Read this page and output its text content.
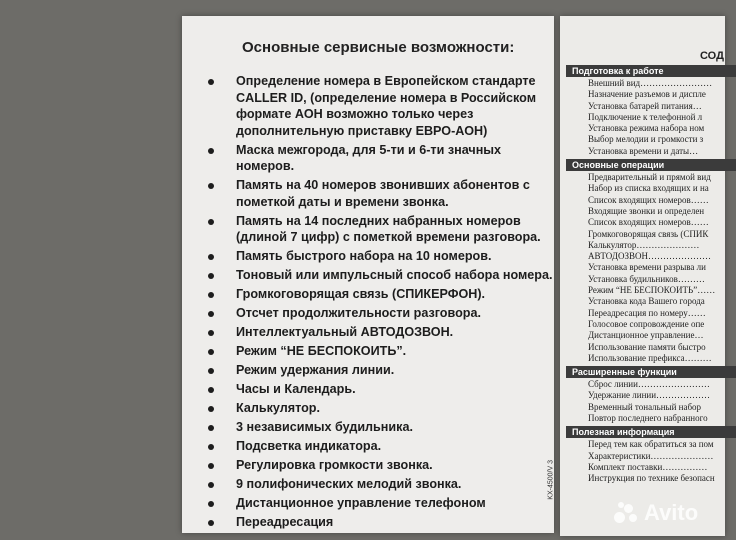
Основные сервисные возможности:
Определение номера в Европейском стандарте
CALLER ID, (определение номера в Российском
формате АОН возможно только через
дополнительную приставку ЕВРО-АОН)
Маска межгорода, для 5-ти и 6-ти значных
номеров.
Память на 40 номеров звонивших абонентов с
пометкой даты и времени звонка.
Память на 14 последних набранных номеров
(длиной 7 цифр) с пометкой времени разговора.
Память быстрого набора на 10 номеров.
Тоновый или импульсный способ набора номера.
Громкоговорящая связь (СПИКЕРФОН).
Отсчет продолжительности разговора.
Интеллектуальный АВТОДОЗВОН.
Режим “НЕ БЕСПОКОИТЬ”.
Режим удержания линии.
Часы и Календарь.
Калькулятор.
3 независимых будильника.
Подсветка индикатора.
Регулировка громкости звонка.
9 полифонических мелодий звонка.
Дистанционное управление телефоном
Переадресация
KX-4500/V 3
СОД
Подготовка к работе
Внешний вид……………………
Назначение разъемов и диспле
Установка батарей питания…
Подключение к телефонной л
Установка режима набора ном
Выбор мелодии и громкости з
Установка времени и даты…
Основные операции
Предварительный и прямой вид
Набор из списка входящих и на
Список входящих номеров……
Входящие звонки и определен
Список входящих номеров……
Громкоговорящая связь (СПИК
Калькулятор…………………
АВТОДОЗВОН…………………
Установка времени разрыва ли
Установка будильников………
Режим “НЕ БЕСПОКОИТЬ”……
Установка кода Вашего города
Переадресация по номеру……
Голосовое сопровождение опе
Дистанционное управление…
Использование памяти быстро
Использование префикса………
Расширенные функции
Сброс линии……………………
Удержание линии………………
Временный тональный набор
Повтор последнего набранного
Полезная информация
Перед тем как обратиться за пом
Характеристики…………………
Комплект поставки……………
Инструкция по технике безопасн
Avito
